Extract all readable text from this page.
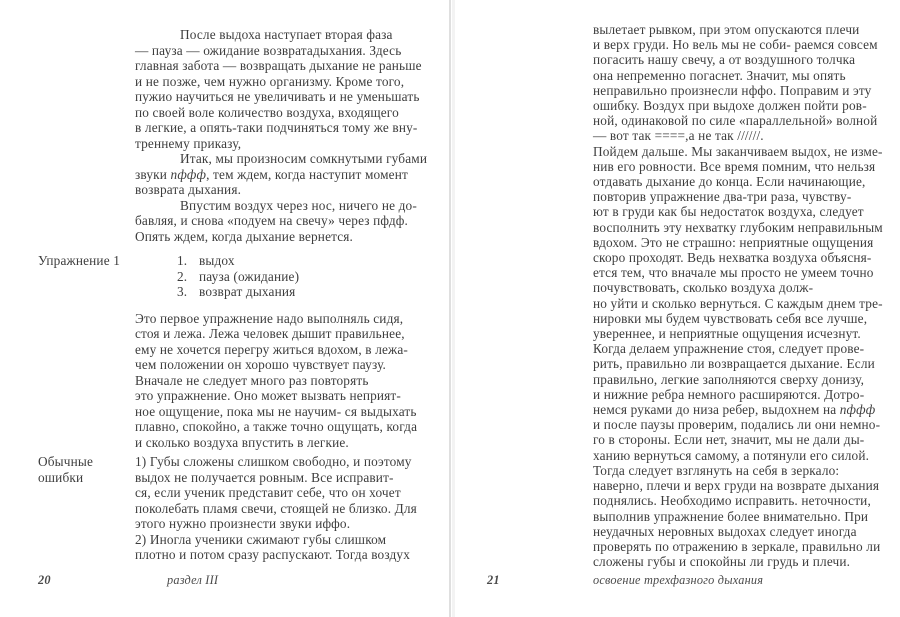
Упражнение 1
Обычные
ошибки
После выдоха наступает вторая фаза
— пауза — ожидание возвратадыхания. Здесь
главная забота — возвращать дыхание не раньше
и не позже, чем нужно организму. Кроме того,
пужио научиться не увеличивать и не уменьшать
по своей воле количество воздуха, входящего
в легкие, а опять-таки подчиняться тому же вну-
треннему приказу,
Итак, мы произносим сомкнутыми губами
звуки пффф, тем ждем, когда наступит момент
возврата дыхания.
Впустим воздух через нос, ничего не до-
бавляя, и снова «подуем на свечу» через пфдф.
Опять ждем, когда дыхание вернется.
1. выдох
2. пауза (ожидание)
3. возврат дыхания
Это первое упражнение надо выполняль сидя,
стоя и лежа. Лежа человек дышит правильнее,
ему не хочется перегру житься вдохом, в лежа-
чем положении он хорошо чувствует паузу.
Вначале не следует много раз повторять
это упражнение. Оно может вызвать неприят-
ное ощущение, пока мы не научим- ся выдыхать
плавно, спокойно, а также точно ощущать, когда
и сколько воздуха впустить в легкие.
1) Губы сложены слишком свободно, и поэтому
выдох не получается ровным. Все исправит-
ся, если ученик представит себе, что он хочет
поколебать пламя свечи, стоящей не близко. Для
этого нужно произнести звуки иффо.
2) Иногла ученики сжимают губы слишком
плотно и потом сразу распускают. Тогда воздух
20	раздел III
вылетает рывком, при этом опускаются плечи
и верх груди. Но вель мы не соби- раемся совсем
погасить нашу свечу, а от воздушного толчка
она непременно погаснет. Значит, мы опять
неправильно произнесли нффо. Поправим и эту
ошибку. Воздух при выдохе должен пойти ров-
ной, одинаковой по силе «параллельной» волной
— вот так ====,а не так //////.
Пойдем дальше. Мы заканчиваем выдох, не изме-
нив его ровности. Все время помним, что нельзя
отдавать дыхание до конца. Если начинающие,
повторив упражнение два-три раза, чувству-
ют в груди как бы недостаток воздуха, следует
восполнить эту нехватку глубоким неправильным
вдохом. Это не страшно: неприятные ощущения
скоро проходят. Ведь нехватка воздуха объясня-
ется тем, что вначале мы просто не умеем точно
почувствовать, сколько воздуха долж-
но уйти и сколько вернуться. С каждым днем тре-
нировки мы будем чувствовать себя все лучше,
увереннее, и неприятные ощущения исчезнут.
Когда делаем упражнение стоя, следует прове-
рить, правильно ли возвращается дыхание. Если
правильно, легкие заполняются сверху донизу,
и нижние ребра немного расширяются. Дотро-
немся руками до низа ребер, выдохнем на пффф
и после паузы проверим, подались ли они немно-
го в стороны. Если нет, значит, мы не дали ды-
ханию вернуться самому, а потянули его силой.
Тогда следует взглянуть на себя в зеркало:
наверно, плечи и верх груди на возврате дыхания
поднялись. Необходимо исправить. неточности,
выполнив упражнение более внимательно. При
неудачных неровных выдохах следует иногда
проверять по отражению в зеркале, правильно ли
сложены губы и спокойны ли грудь и плечи.
21	освоение трехфазного дыхания
